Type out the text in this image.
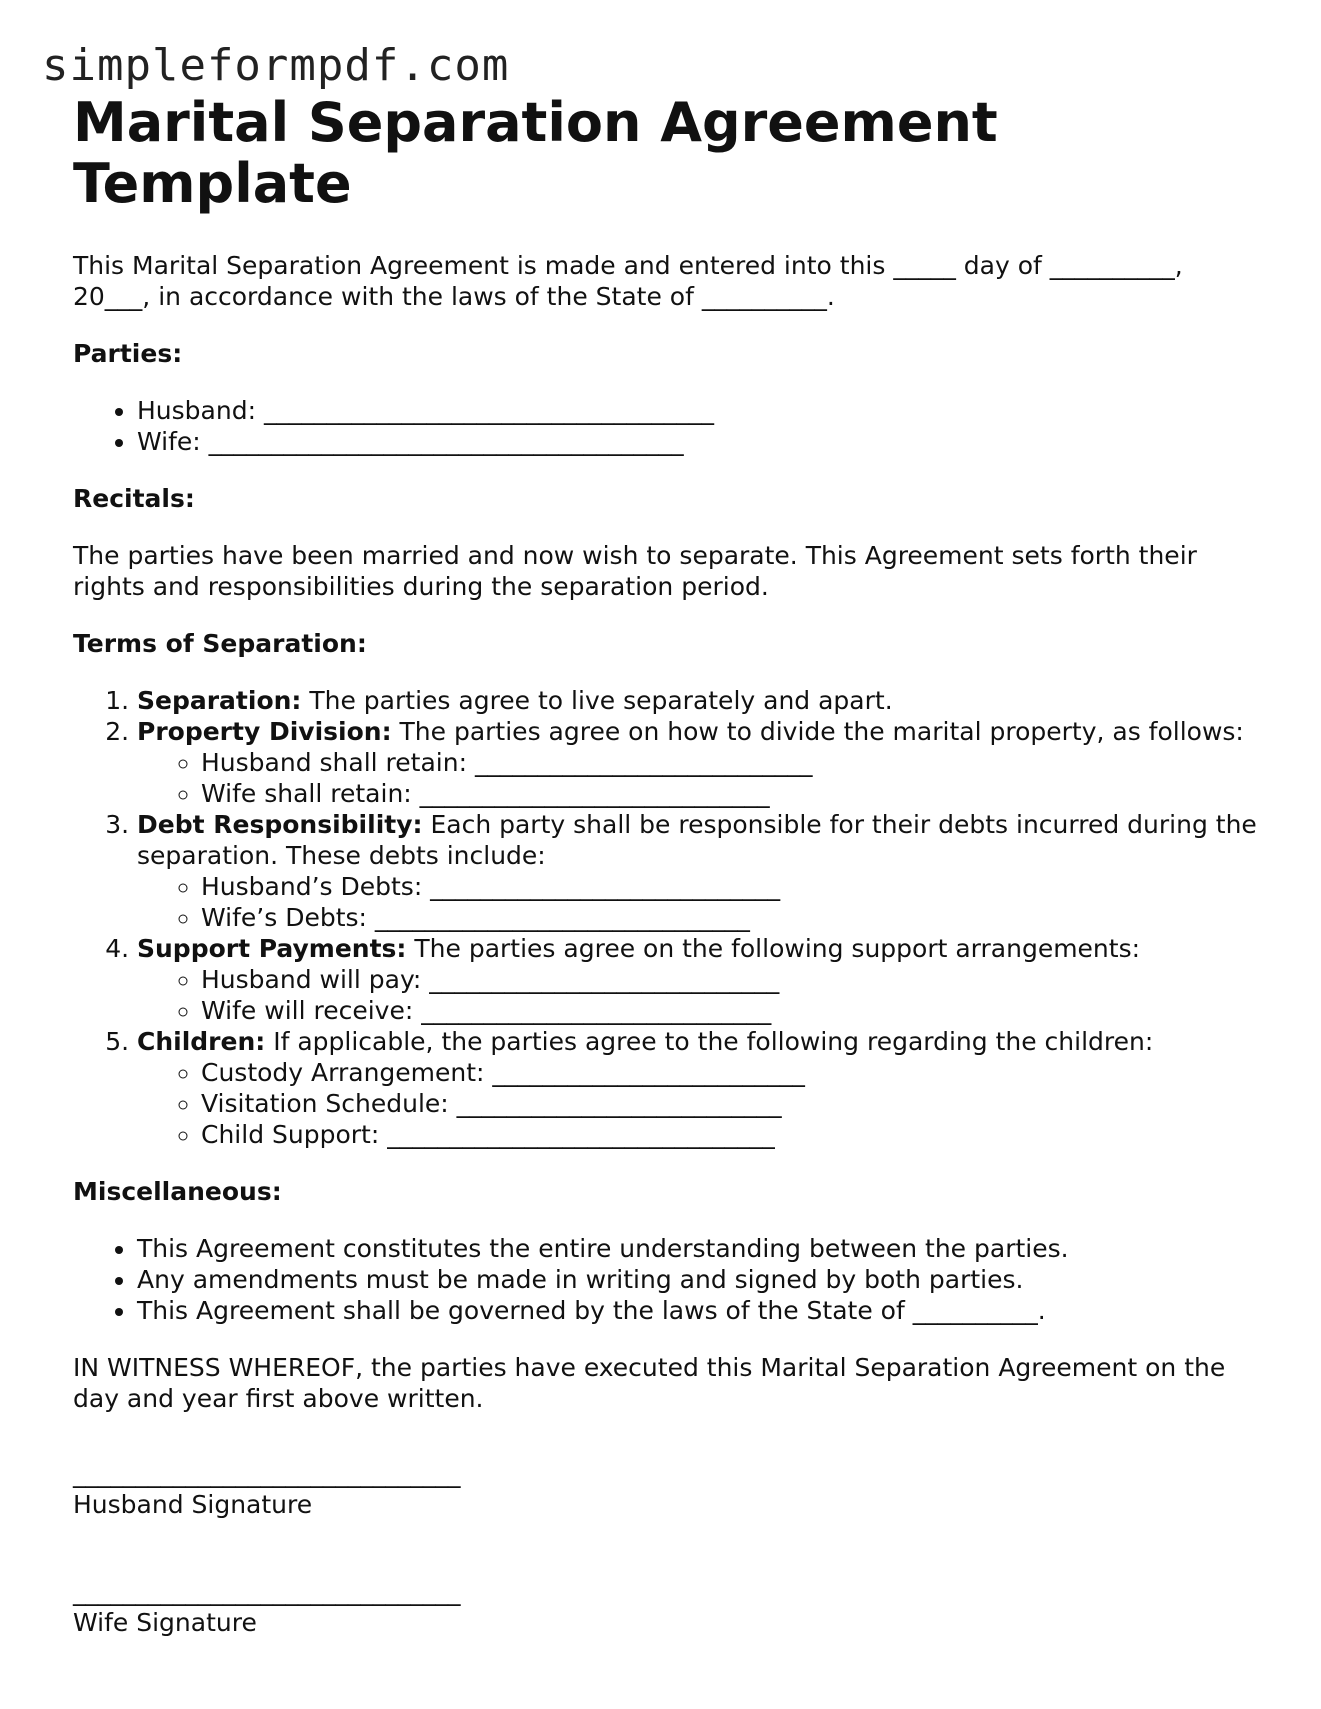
simpleformpdf.com
Marital Separation Agreement Template

This Marital Separation Agreement is made and entered into this _____ day of __________, 20___, in accordance with the laws of the State of __________.

Parties:
• Husband: ____________________________________
• Wife: ______________________________________
Recitals:

The parties have been married and now wish to separate. This Agreement sets forth their rights and responsibilities during the separation period.

Terms of Separation:
1. Separation: The parties agree to live separately and apart.
2. Property Division: The parties agree on how to divide the marital property, as follows:
◦ Husband shall retain: ___________________________
◦ Wife shall retain: ____________________________
3. Debt Responsibility: Each party shall be responsible for their debts incurred during the separation. These debts include:
◦ Husband’s Debts: ____________________________
◦ Wife’s Debts: ______________________________
4. Support Payments: The parties agree on the following support arrangements:
◦ Husband will pay: ____________________________
◦ Wife will receive: ____________________________
5. Children: If applicable, the parties agree to the following regarding the children:
◦ Custody Arrangement: _________________________
◦ Visitation Schedule: __________________________
◦ Child Support: _______________________________
Miscellaneous:
• This Agreement constitutes the entire understanding between the parties.
• Any amendments must be made in writing and signed by both parties.
• This Agreement shall be governed by the laws of the State of __________.

IN WITNESS WHEREOF, the parties have executed this Marital Separation Agreement on the day and year first above written.

_______________________________
Husband Signature
_______________________________
Wife Signature
